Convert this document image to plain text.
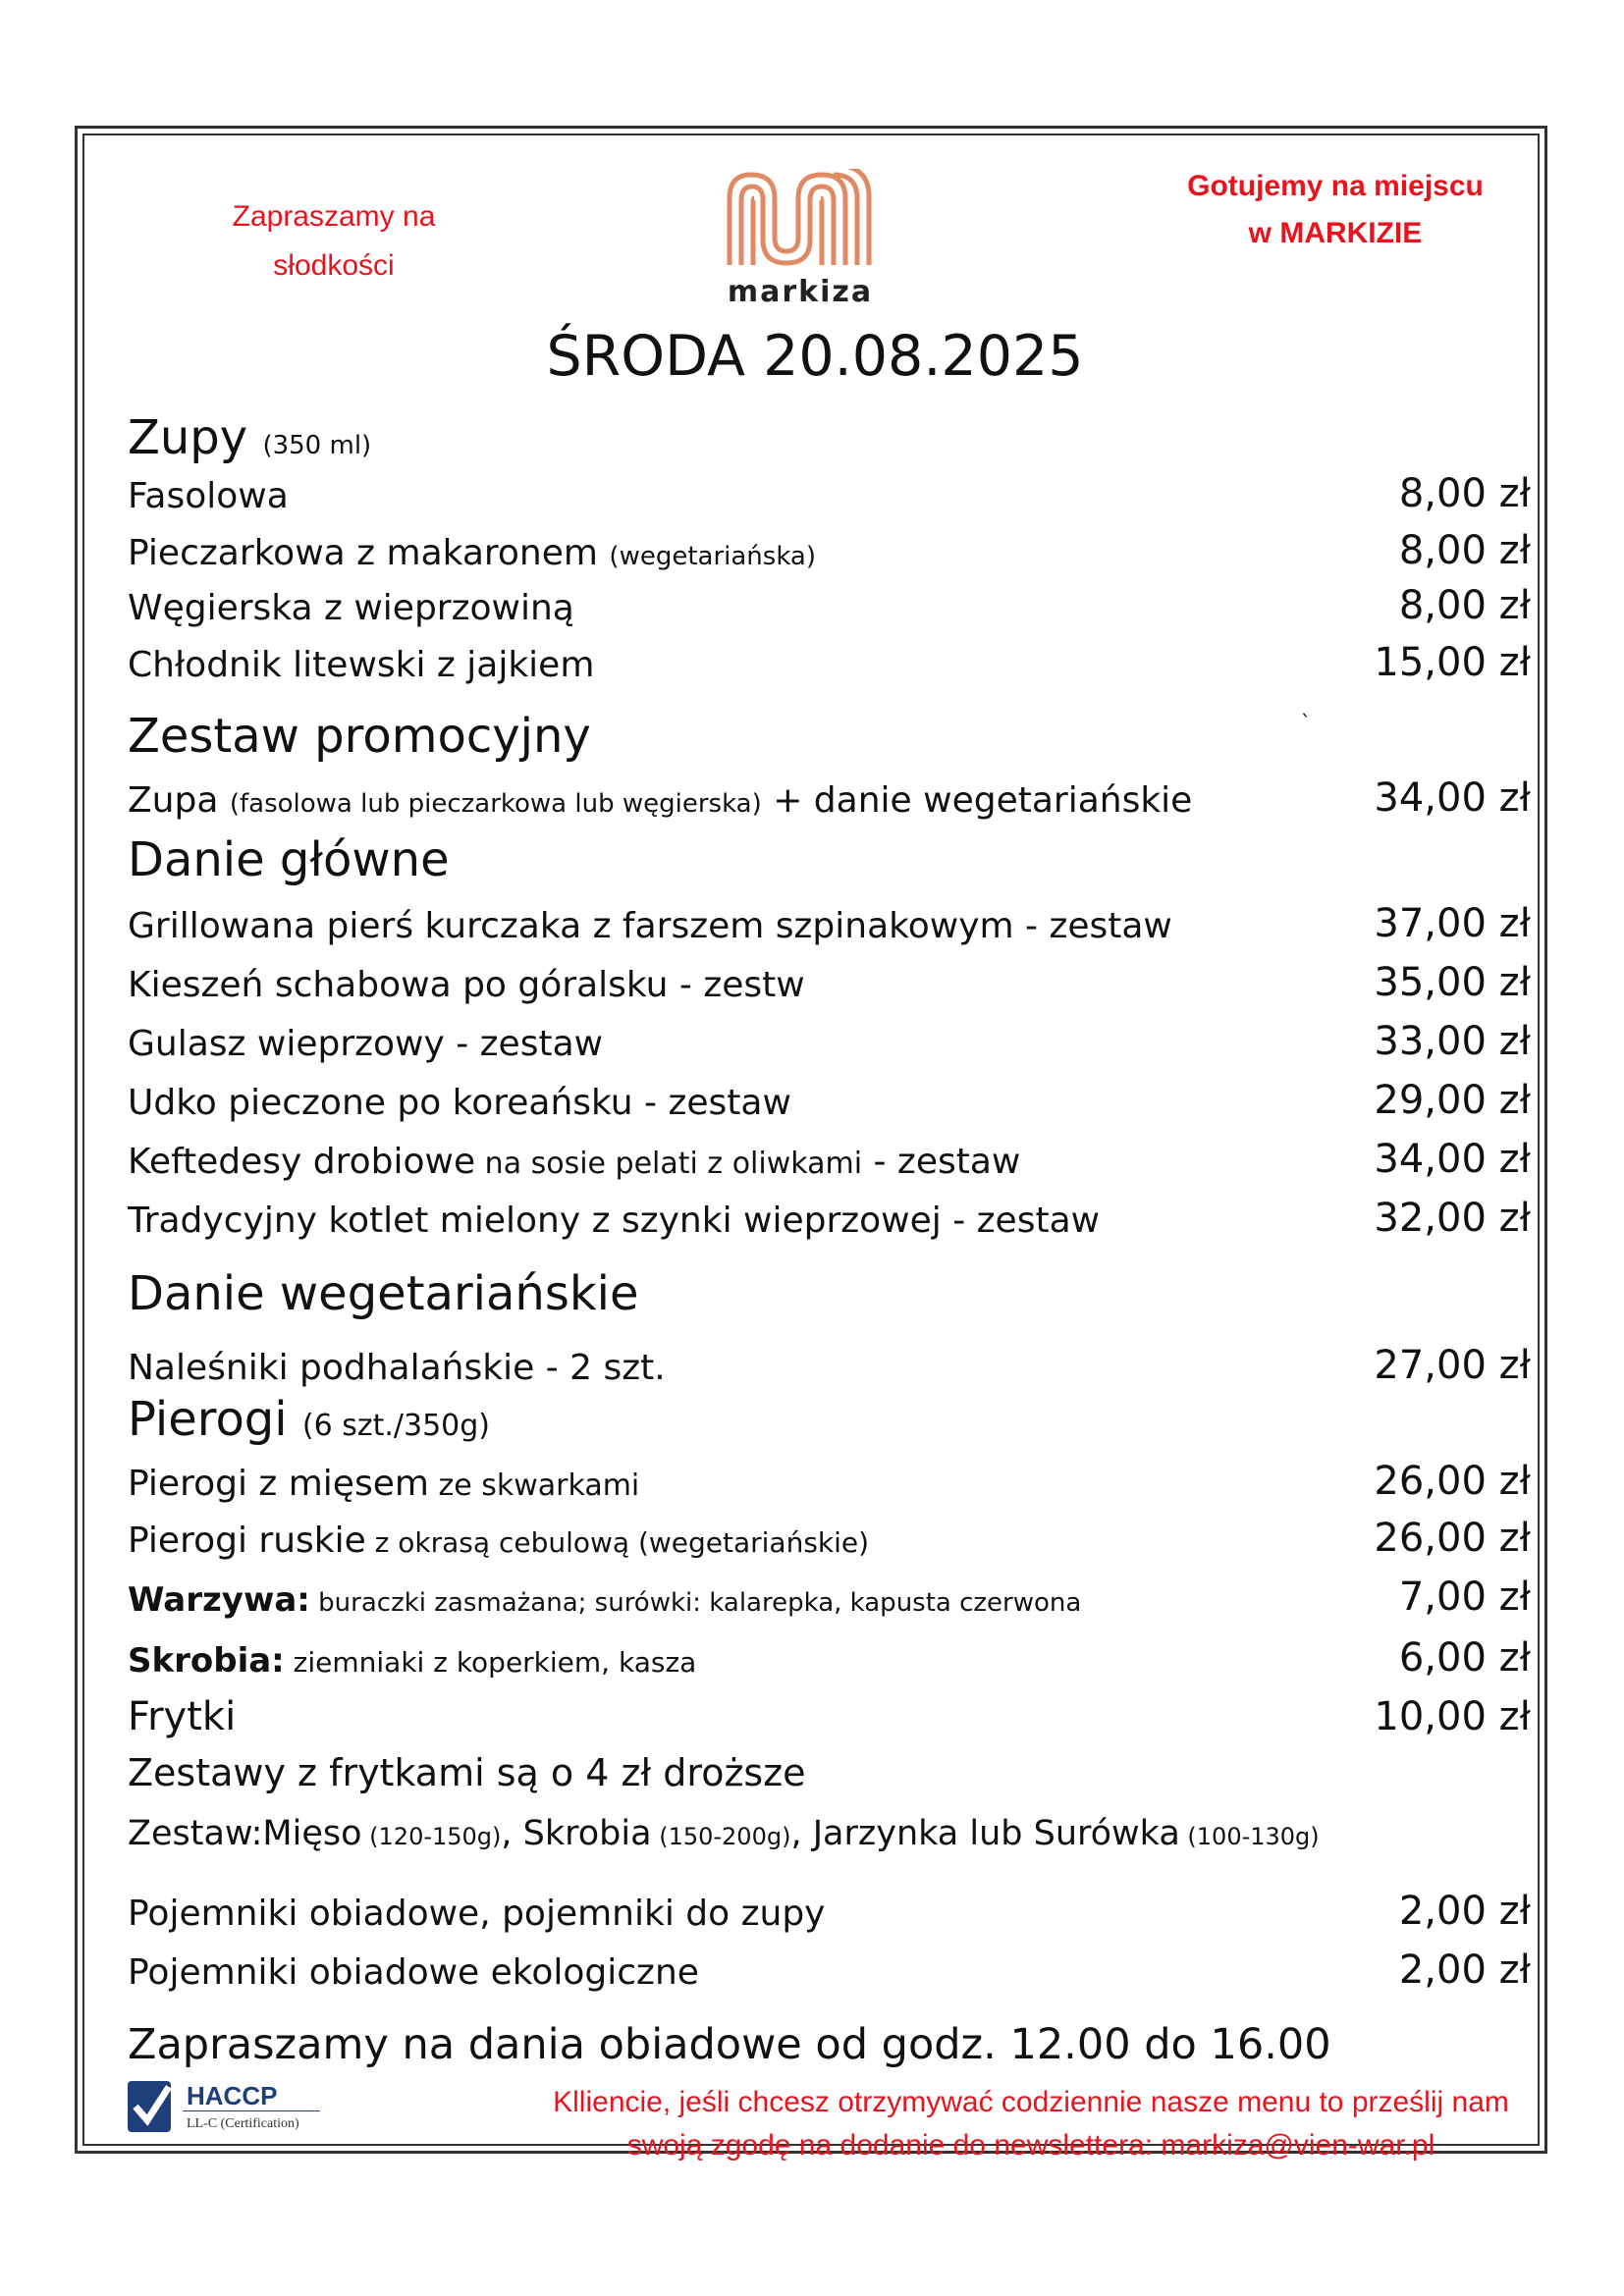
Zapraszamy na
słodkości
Gotujemy na miejscu
w MARKIZIE
markiza
ŚRODA 20.08.2025
Zupy (350 ml)
Fasolowa	8,00 zł
Pieczarkowa z makaronem (wegetariańska)	8,00 zł
Węgierska z wieprzowiną	8,00 zł
Chłodnik litewski z jajkiem	15,00 zł
Zestaw promocyjny	`
Zupa (fasolowa lub pieczarkowa lub węgierska) + danie wegetariańskie	34,00 zł
Danie główne
Grillowana pierś kurczaka z farszem szpinakowym - zestaw	37,00 zł
Kieszeń schabowa po góralsku - zestw	35,00 zł
Gulasz wieprzowy - zestaw	33,00 zł
Udko pieczone po koreańsku - zestaw	29,00 zł
Keftedesy drobiowe na sosie pelati z oliwkami - zestaw	34,00 zł
Tradycyjny kotlet mielony z szynki wieprzowej - zestaw	32,00 zł
Danie wegetariańskie
Naleśniki podhalańskie - 2 szt.	27,00 zł
Pierogi (6 szt./350g)
Pierogi z mięsem ze skwarkami	26,00 zł
Pierogi ruskie z okrasą cebulową (wegetariańskie)	26,00 zł
Warzywa: buraczki zasmażana; surówki: kalarepka, kapusta czerwona	7,00 zł
Skrobia: ziemniaki z koperkiem, kasza	6,00 zł
Frytki	10,00 zł
Zestawy z frytkami są o 4 zł droższe
Zestaw:Mięso (120-150g), Skrobia (150-200g), Jarzynka lub Surówka (100-130g)
Pojemniki obiadowe, pojemniki do zupy	2,00 zł
Pojemniki obiadowe ekologiczne	2,00 zł
Zapraszamy na dania obiadowe od godz. 12.00 do 16.00
HACCP
LL-C (Certification)
Klliencie, jeśli chcesz otrzymywać codziennie nasze menu to prześlij nam
swoją zgodę na dodanie do newslettera: markiza@vien-war.pl
